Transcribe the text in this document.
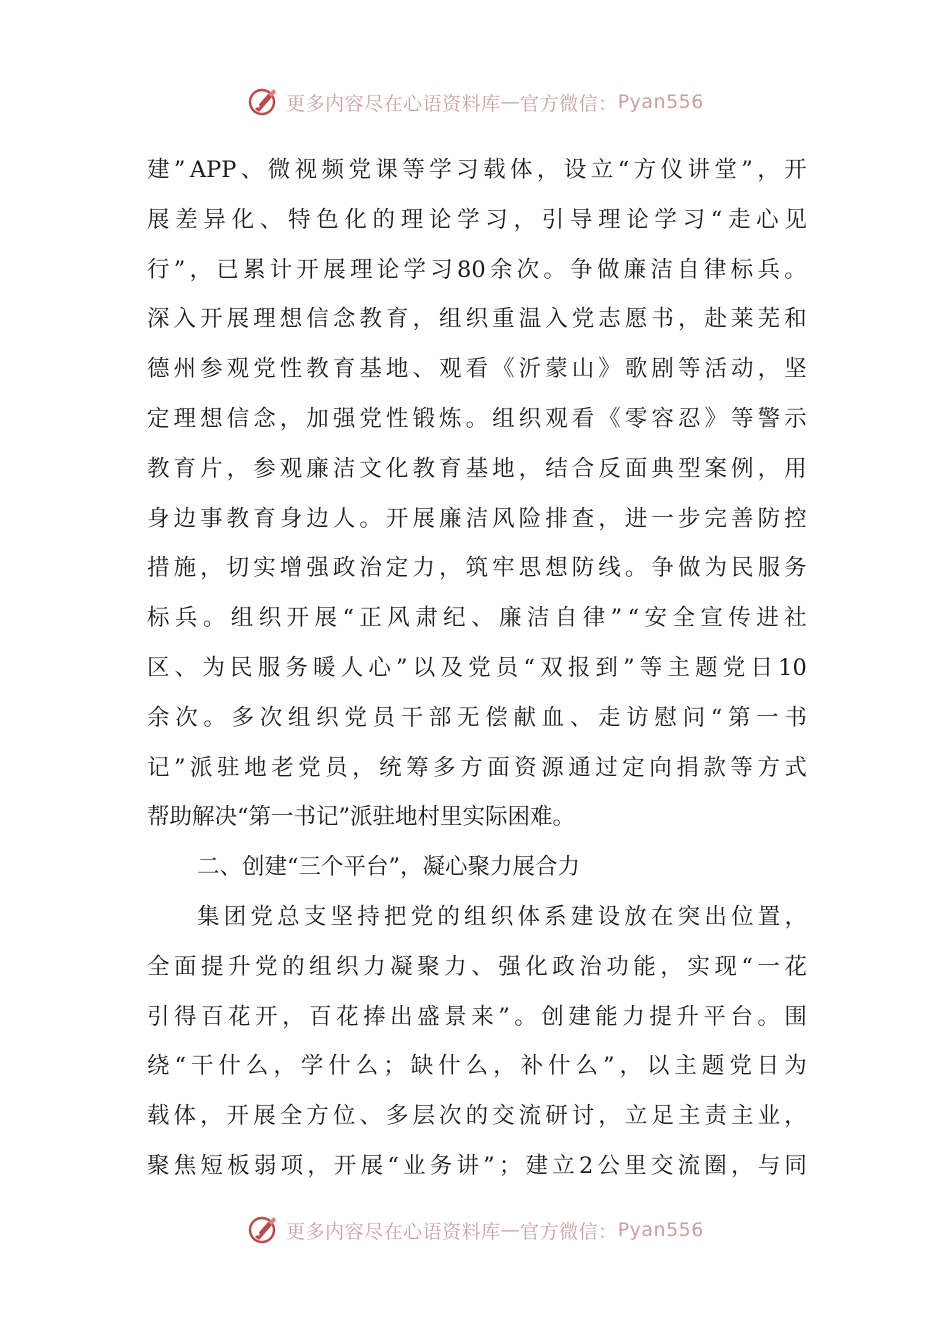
更多内容尽在心语资料库 — 官方微信： Pyan556
建 ” APP 、 微 视 频 党 课 等 学 习 载 体 ， 设 立 “ 方 仪 讲 堂 ” ， 开
展 差 异 化 、 特 色 化 的 理 论 学 习 ， 引 导 理 论 学 习 “ 走 心 见
行 ” ， 已 累 计 开 展 理 论 学 习 80 余 次 。 争 做 廉 洁 自 律 标 兵 。
深 入 开 展 理 想 信 念 教 育 ， 组 织 重 温 入 党 志 愿 书 ， 赴 莱 芜 和
德 州 参 观 党 性 教 育 基 地 、 观 看 《 沂 蒙 山 》 歌 剧 等 活 动 ， 坚
定 理 想 信 念 ， 加 强 党 性 锻 炼 。 组 织 观 看 《 零 容 忍 》 等 警 示
教 育 片 ， 参 观 廉 洁 文 化 教 育 基 地 ， 结 合 反 面 典 型 案 例 ， 用
身 边 事 教 育 身 边 人 。 开 展 廉 洁 风 险 排 查 ， 进 一 步 完 善 防 控
措 施 ， 切 实 增 强 政 治 定 力 ， 筑 牢 思 想 防 线 。 争 做 为 民 服 务
标 兵 。 组 织 开 展 “ 正 风 肃 纪 、 廉 洁 自 律 ” “ 安 全 宣 传 进 社
区 、 为 民 服 务 暖 人 心 ” 以 及 党 员 “ 双 报 到 ” 等 主 题 党 日 10
余 次 。 多 次 组 织 党 员 干 部 无 偿 献 血 、 走 访 慰 问 “ 第 一 书
记 ” 派 驻 地 老 党 员 ， 统 筹 多 方 面 资 源 通 过 定 向 捐 款 等 方 式
帮助解决“第一书记”派驻地村里实际困难。
二、创建“三个平台”，凝心聚力展合力
集 团 党 总 支 坚 持 把 党 的 组 织 体 系 建 设 放 在 突 出 位 置 ，
全 面 提 升 党 的 组 织 力 凝 聚 力 、 强 化 政 治 功 能 ， 实 现 “ 一 花
引 得 百 花 开 ， 百 花 捧 出 盛 景 来 ” 。 创 建 能 力 提 升 平 台 。 围
绕 “ 干 什 么 ， 学 什 么 ； 缺 什 么 ， 补 什 么 ” ， 以 主 题 党 日 为
载 体 ， 开 展 全 方 位 、 多 层 次 的 交 流 研 讨 ， 立 足 主 责 主 业 ，
聚 焦 短 板 弱 项 ， 开 展 “ 业 务 讲 ” ； 建 立 2 公 里 交 流 圈 ， 与 同
更多内容尽在心语资料库 — 官方微信： Pyan556
